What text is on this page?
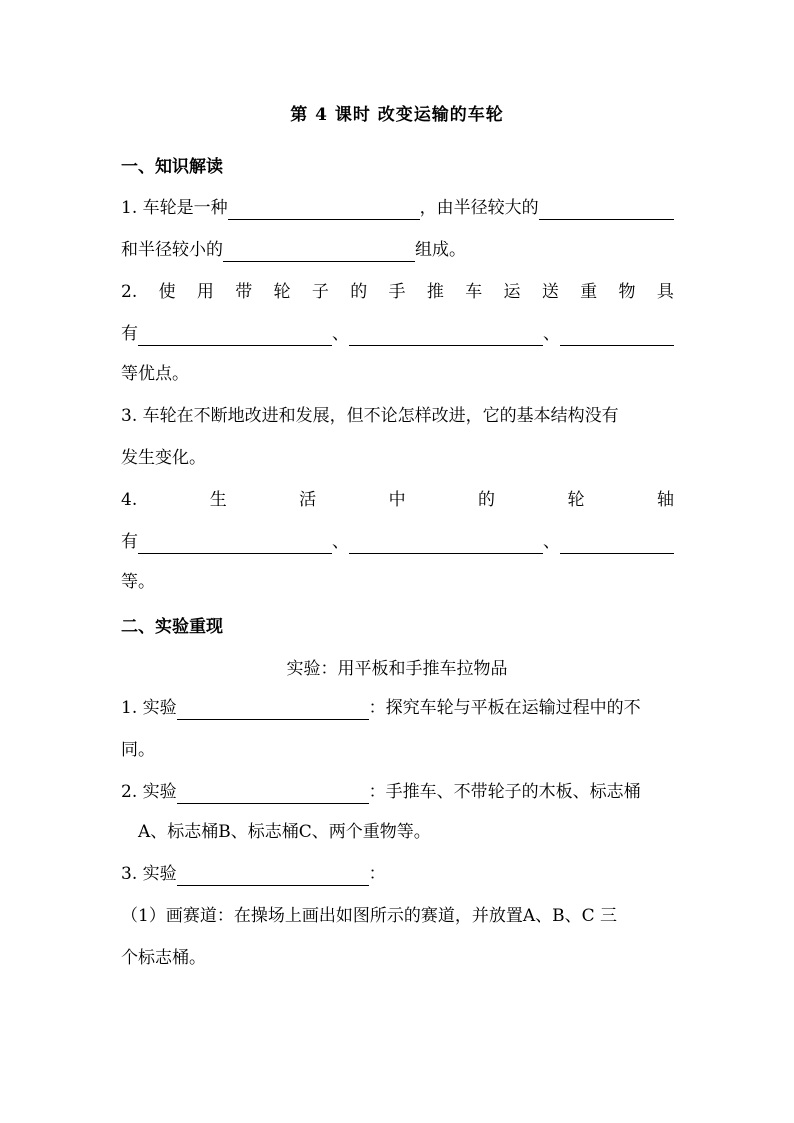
第 4 课时 改变运输的车轮
一、知识解读
1. 车轮是一种	，由半径较大的
和半径较小的	组成。
2. 使 用 带 轮 子 的 手 推 车 运 送 重 物 具
有	、	、
等优点。
3. 车轮在不断地改进和发展，但不论怎样改进，它的基本结构没有
发生变化。
4.	生	活	中	的	轮	轴
有	、	、
等。
二、实验重现
实验：用平板和手推车拉物品
1. 实验	：探究车轮与平板在运输过程中的不
同。
2. 实验	：手推车、不带轮子的木板、标志桶
A、标志桶B、标志桶C、两个重物等。
3. 实验	：
（1）画赛道：在操场上画出如图所示的赛道，并放置A、B、C 三
个标志桶。
